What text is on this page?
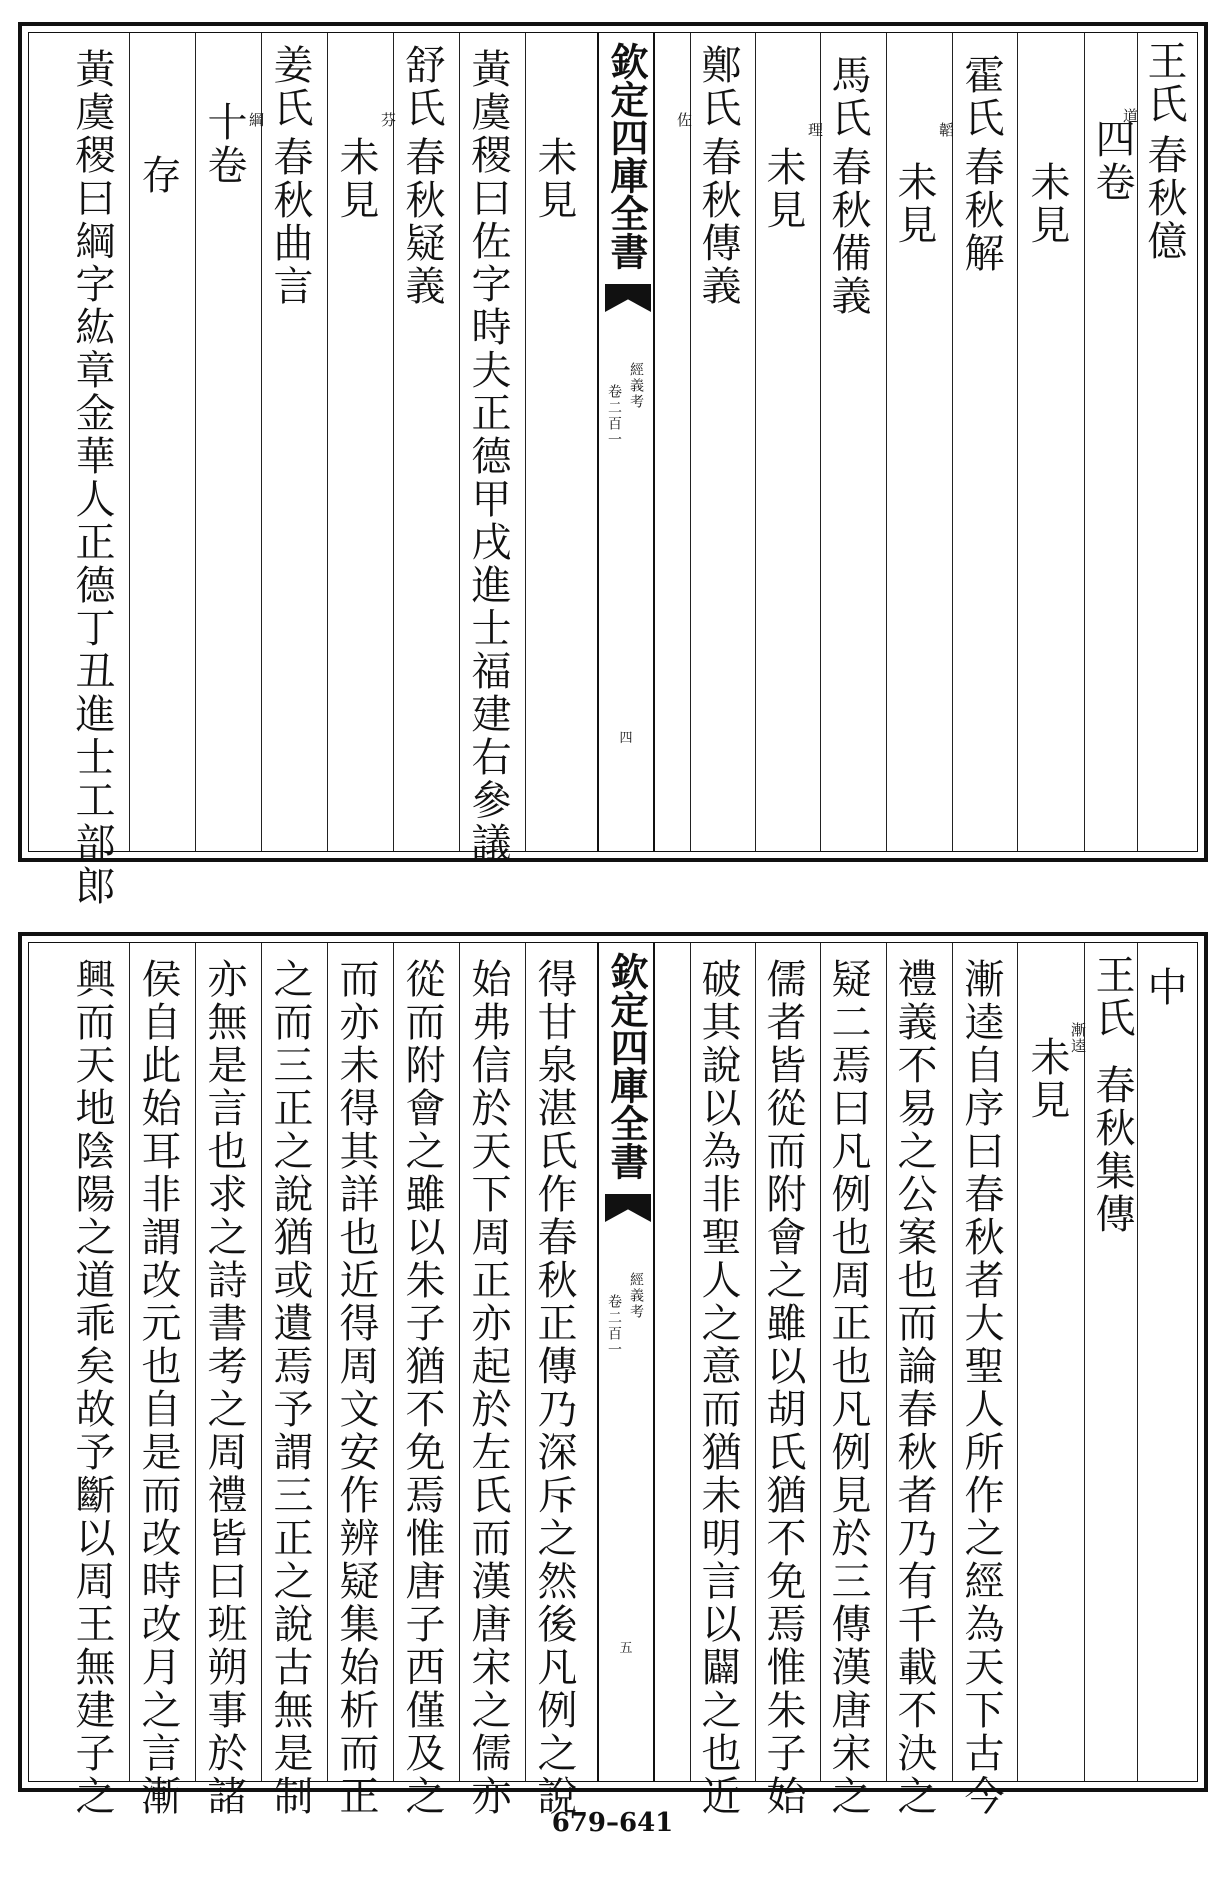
王氏
道
春秋億
四卷
未見
霍氏
韜
春秋解
未見
馬氏
理
春秋備義
未見
鄭氏
佐
春秋傳義
欽定四庫全書
經義考
卷二百一
四
未見
黃虞稷曰佐字時夫正德甲戌進士福建右參議
舒氏
芬
春秋疑義
未見
姜氏
綱
春秋曲言
十卷
存
黃虞稷曰綱字紘章金華人正德丁丑進士工部郎
中
王氏
漸逵
春秋集傳
未見
漸逵自序曰春秋者大聖人所作之經為天下古今
禮義不易之公案也而論春秋者乃有千載不決之
疑二焉曰凡例也周正也凡例見於三傳漢唐宋之
儒者皆從而附會之雖以胡氏猶不免焉惟朱子始
破其說以為非聖人之意而猶未明言以闢之也近
欽定四庫全書
經義考
卷二百一
五
得甘泉湛氏作春秋正傳乃深斥之然後凡例之說
始弗信於天下周正亦起於左氏而漢唐宋之儒亦
從而附會之雖以朱子猶不免焉惟唐子西僅及之
而亦未得其詳也近得周文安作辨疑集始析而正
之而三正之說猶或遺焉予謂三正之說古無是制
亦無是言也求之詩書考之周禮皆曰班朔事於諸
侯自此始耳非謂改元也自是而改時改月之言漸
興而天地陰陽之道乖矣故予斷以周王無建子之
679–641
